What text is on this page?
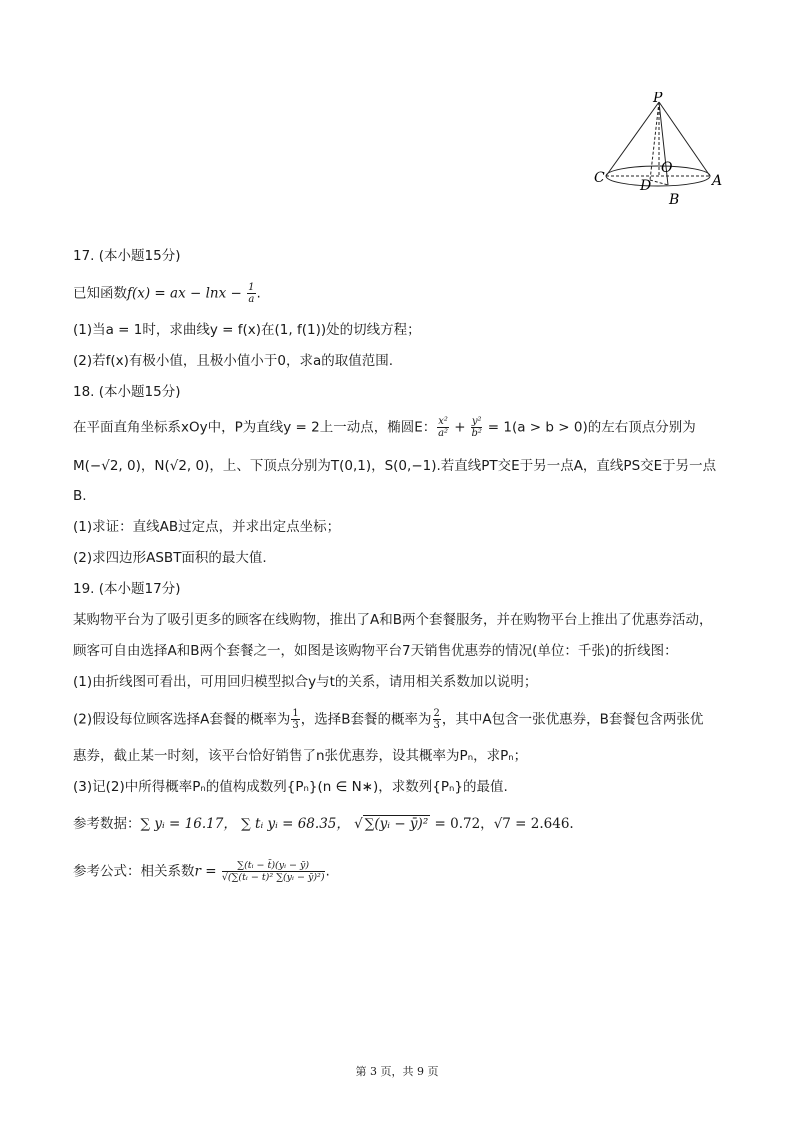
P
O
C	D	A
B
17. (本小题15分)
已知函数f(x) = ax − $\ln x - \frac{1}{a}$ .
(1)当a = 1时，求曲线y = f(x)在(1, f(1))处的切线方程；
(2)若f(x)有极小值，且极小值小于0，求a的取值范围.
18. (本小题15分)
在平面直角坐标系xOy中，P为直线y = 2上一动点，椭圆E： $\frac{\text{x²}}{\text{a²}} + \frac{\text{y²}}{\text{b²}} = 1(a > b > 0)$的左右顶点分别为
M(−√2, 0)，N(√2, 0)，上、下顶点分别为T(0,1)，S(0,−1).若直线PT交E于另一点A，直线PS交E于另一点
B.
(1)求证：直线AB过定点，并求出定点坐标；
(2)求四边形ASBT面积的最大值.
19. (本小题17分)
某购物平台为了吸引更多的顾客在线购物，推出了A和B两个套餐服务，并在购物平台上推出了优惠券活动，
顾客可自由选择A和B两个套餐之一，如图是该购物平台7天销售优惠券的情况(单位：千张)的折线图：
(1)由折线图可看出，可用回归模型拟合y与t的关系，请用相关系数加以说明；
(2)假设每位顾客选择A套餐的概率为 $\frac{1}{3}$ ，选择B套餐的概率为 $\frac{2}{3}$ ，其中A包含一张优惠券，B套餐包含两张优
惠券，截止某一时刻，该平台恰好销售了n张优惠券，设其概率为Pₙ，求Pₙ；
(3)记(2)中所得概率Pₙ的值构成数列{Pₙ}(n ∈ N∗)，求数列{Pₙ}的最值.
参考数据：∑ yᵢ = 16.17， ∑ tᵢ yᵢ = 68.35， √ ∑(yᵢ − ȳ)² = 0.72，√7 = 2.646.
参考公式：相关系数$r = \frac{\text{∑(tᵢ − t̄)(yᵢ − ȳ)}}{\text{√(∑(tᵢ − t̄)² ∑(yᵢ − ȳ)²)}}$ .
第 3 页，共 9 页
